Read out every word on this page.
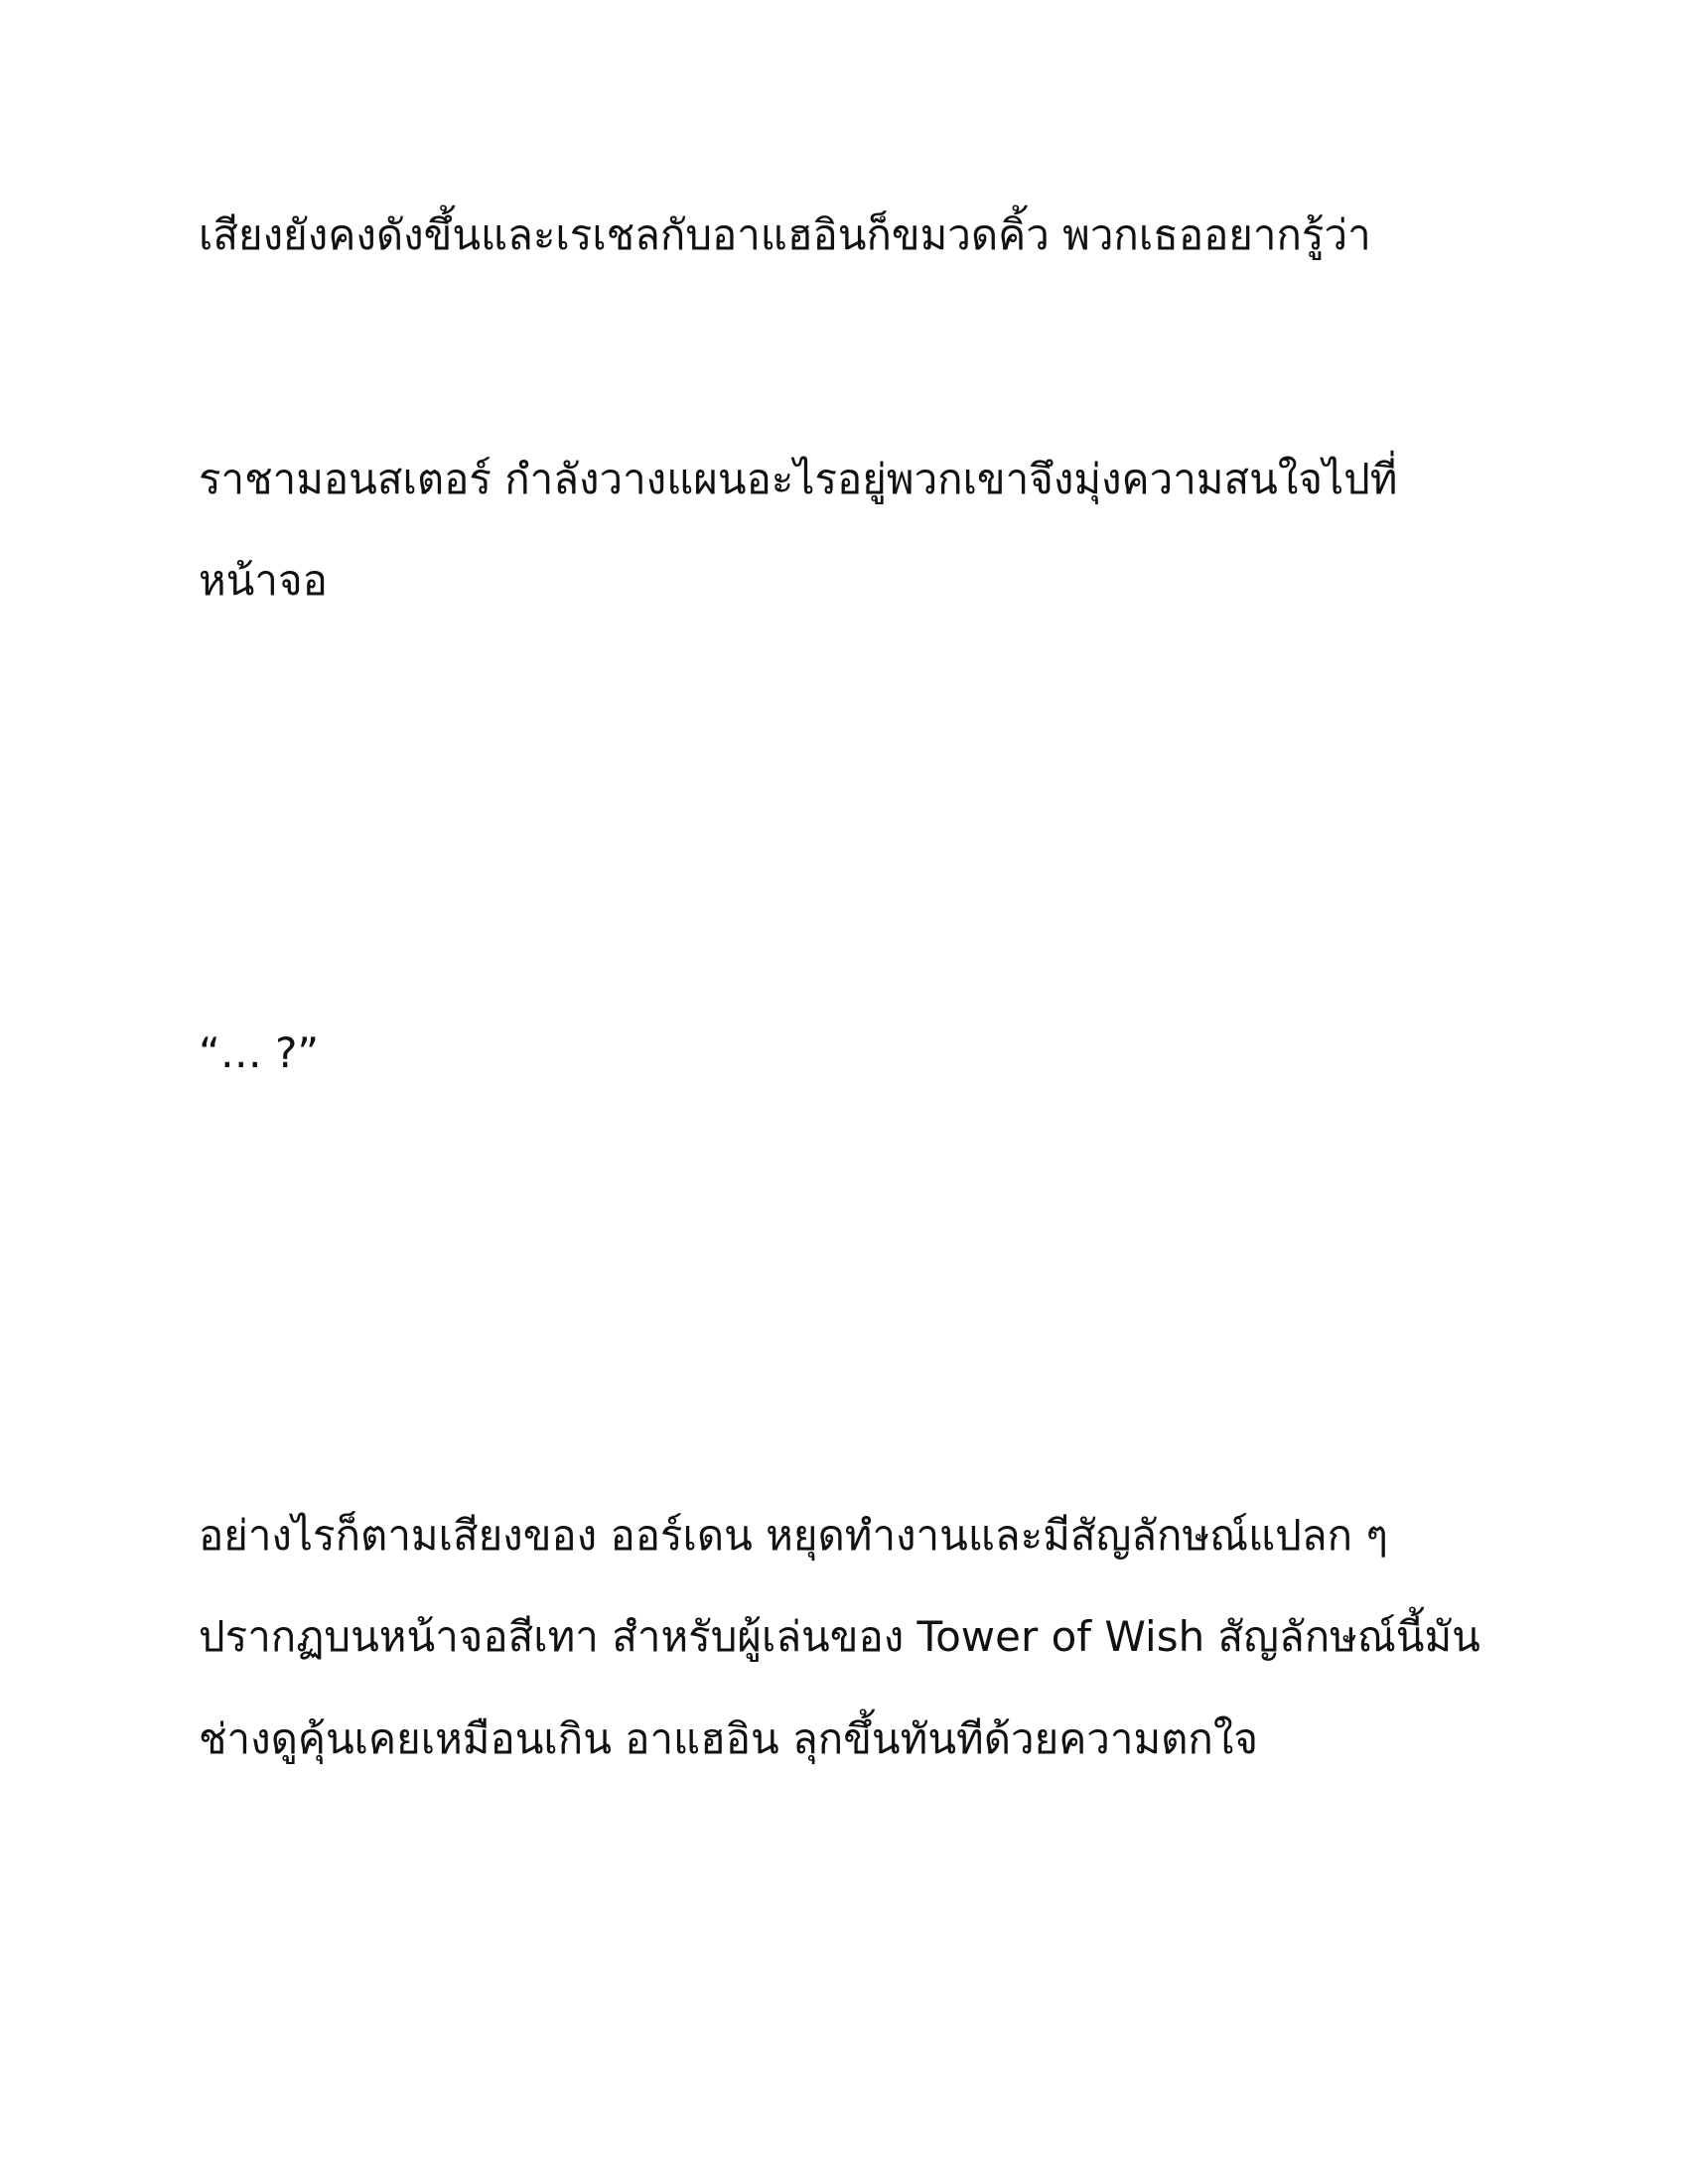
เสียงยังคงดังขึ้นและเรเชลกับอาแฮอินก็ขมวดคิ้ว พวกเธออยากรู้ว่า
ราชามอนสเตอร์ กำลังวางแผนอะไรอยู่พวกเขาจึงมุ่งความสนใจไปที่
หน้าจอ
“… ?”
อย่างไรก็ตามเสียงของ ออร์เดน หยุดทำงานและมีสัญลักษณ์แปลก ๆ
ปรากฏบนหน้าจอสีเทา สำหรับผู้เล่นของ Tower of Wish สัญลักษณ์นี้มัน
ช่างดูคุ้นเคยเหมือนเกิน อาแฮอิน ลุกขึ้นทันทีด้วยความตกใจ
